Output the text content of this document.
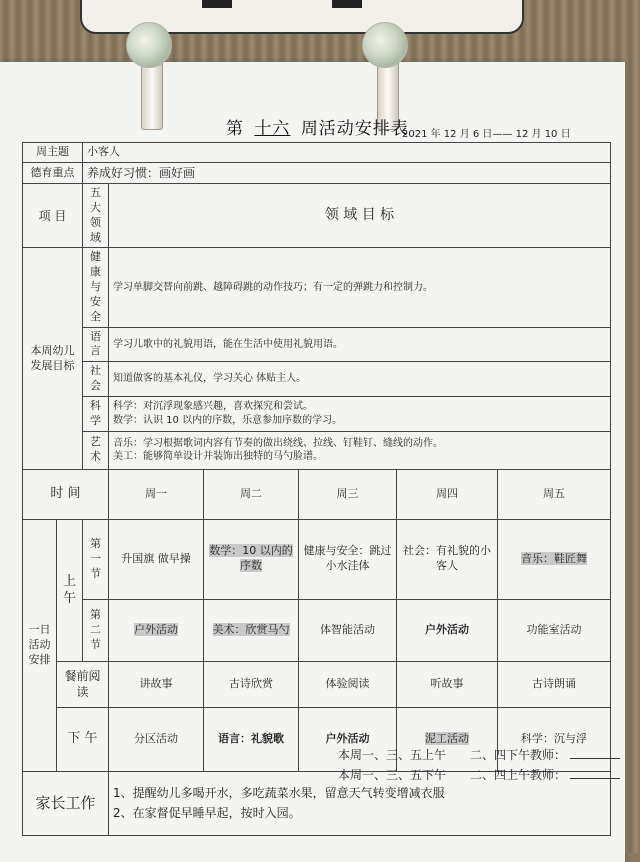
第 十六 周活动安排表
2021 年 12 月 6 日—— 12 月 10 日
周主题		小客人					
德育重点		养成好习惯：画好画					
项 目		五大领域	领 域 目 标				
本周幼儿发展目标		健康与安全	学习单脚交替向前跳、越障碍跳的动作技巧；有一定的弹跳力和控制力。				
		语言	学习儿歌中的礼貌用语，能在生活中使用礼貌用语。				
		社会	知道做客的基本礼仪，学习关心 体贴主人。				
		科学	科学：对沉浮现象感兴趣，喜欢探究和尝试。
数学：认识 10 以内的序数，乐意参加序数的学习。				

		艺术	音乐：学习根据歌词内容有节奏的做出绕线、拉线、钉鞋钉、缝线的动作。
美工：能够简单设计并装饰出独特的马勺脸谱。				

时 间			周一	周二	周三	周四	周五
一日活动安排	上午	第一节	升国旗 做早操	数学：10 以内的序数	健康与安全：跳过小水洼体	社会：有礼貌的小客人	音乐：鞋匠舞
		第二节	户外活动	美术：欣赏马勺	体智能活动	户外活动	功能室活动
	餐前阅读		讲故事	古诗欣赏	体验阅读	听故事	古诗朗诵
	下 午		分区活动	语言：礼貌歌	户外活动	泥工活动	科学：沉与浮
家长工作			1、提醒幼儿多喝开水，多吃蔬菜水果，留意天气转变增减衣服
2、在家督促早睡早起，按时入园。				
本周一、三、五上午　　二、四下午教师：
本周一、三、五下午　　二、四上午教师：
